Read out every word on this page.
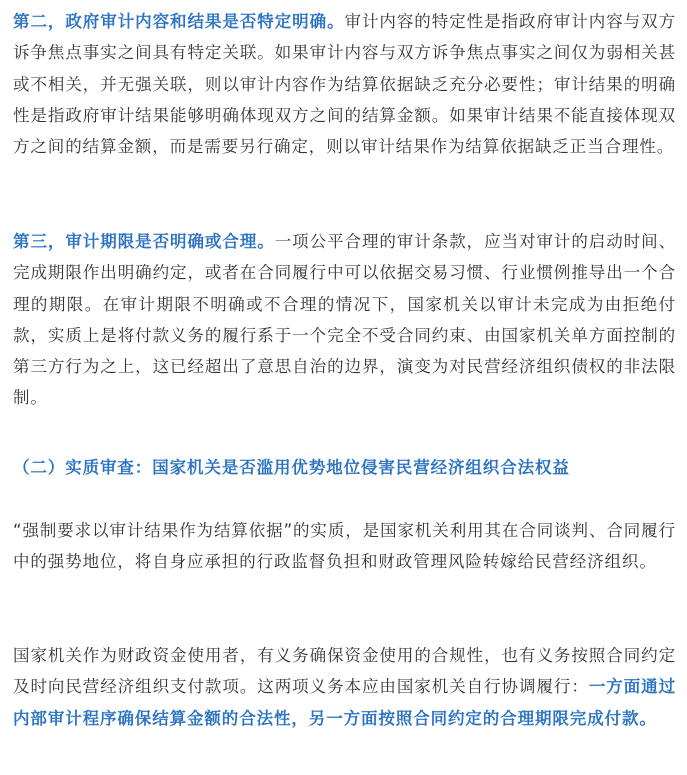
第二，政府审计内容和结果是否特定明确。审计内容的特定性是指政府审计内容与双方诉争焦点事实之间具有特定关联。如果审计内容与双方诉争焦点事实之间仅为弱相关甚或不相关，并无强关联，则以审计内容作为结算依据缺乏充分必要性；审计结果的明确性是指政府审计结果能够明确体现双方之间的结算金额。如果审计结果不能直接体现双方之间的结算金额，而是需要另行确定，则以审计结果作为结算依据缺乏正当合理性。

第三，审计期限是否明确或合理。一项公平合理的审计条款，应当对审计的启动时间、完成期限作出明确约定，或者在合同履行中可以依据交易习惯、行业惯例推导出一个合理的期限。在审计期限不明确或不合理的情况下，国家机关以审计未完成为由拒绝付款，实质上是将付款义务的履行系于一个完全不受合同约束、由国家机关单方面控制的第三方行为之上，这已经超出了意思自治的边界，演变为对民营经济组织债权的非法限制。

（二）实质审查：国家机关是否滥用优势地位侵害民营经济组织合法权益

“强制要求以审计结果作为结算依据”的实质，是国家机关利用其在合同谈判、合同履行中的强势地位，将自身应承担的行政监督负担和财政管理风险转嫁给民营经济组织。

国家机关作为财政资金使用者，有义务确保资金使用的合规性，也有义务按照合同约定及时向民营经济组织支付款项。这两项义务本应由国家机关自行协调履行：一方面通过内部审计程序确保结算金额的合法性，另一方面按照合同约定的合理期限完成付款。
